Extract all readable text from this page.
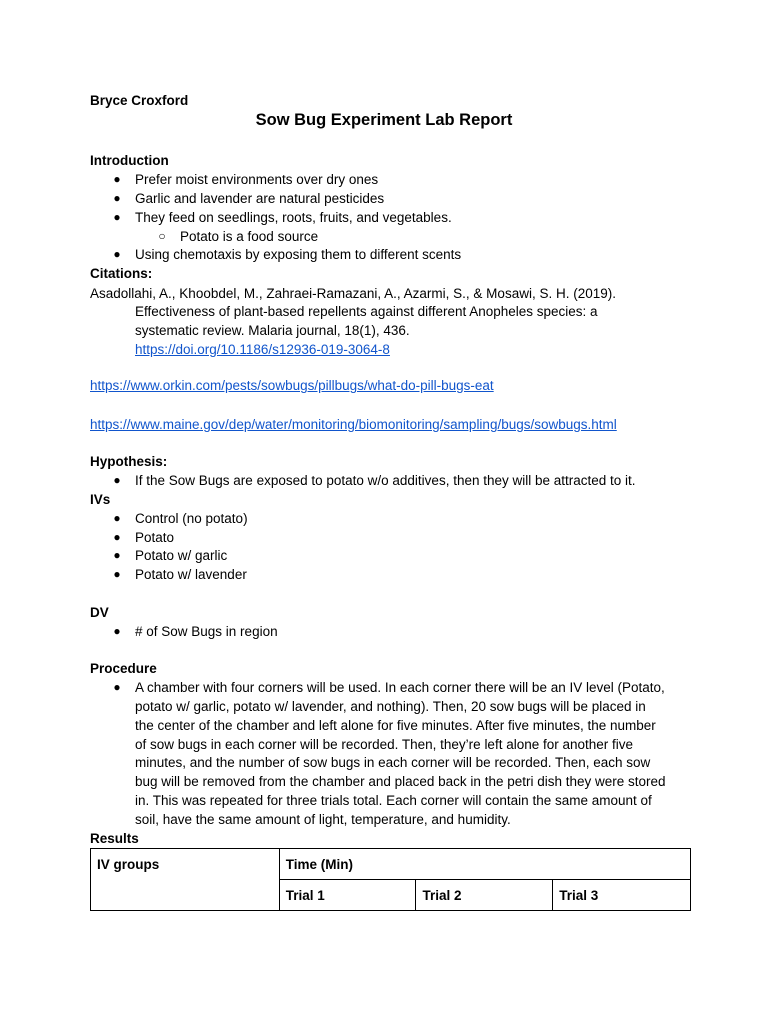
Bryce Croxford
Sow Bug Experiment Lab Report
Introduction
● Prefer moist environments over dry ones
● Garlic and lavender are natural pesticides
● They feed on seedlings, roots, fruits, and vegetables.
○ Potato is a food source
● Using chemotaxis by exposing them to different scents
Citations:
Asadollahi, A., Khoobdel, M., Zahraei-Ramazani, A., Azarmi, S., & Mosawi, S. H. (2019).
Effectiveness of plant-based repellents against different Anopheles species: a
systematic review. Malaria journal, 18(1), 436.
https://doi.org/10.1186/s12936-019-3064-8
https://www.orkin.com/pests/sowbugs/pillbugs/what-do-pill-bugs-eat
https://www.maine.gov/dep/water/monitoring/biomonitoring/sampling/bugs/sowbugs.html
Hypothesis:
● If the Sow Bugs are exposed to potato w/o additives, then they will be attracted to it.
IVs
● Control (no potato)
● Potato
● Potato w/ garlic
● Potato w/ lavender
DV
● # of Sow Bugs in region
Procedure
● A chamber with four corners will be used. In each corner there will be an IV level (Potato,
potato w/ garlic, potato w/ lavender, and nothing). Then, 20 sow bugs will be placed in
the center of the chamber and left alone for five minutes. After five minutes, the number
of sow bugs in each corner will be recorded. Then, they’re left alone for another five
minutes, and the number of sow bugs in each corner will be recorded. Then, each sow
bug will be removed from the chamber and placed back in the petri dish they were stored
in. This was repeated for three trials total. Each corner will contain the same amount of
soil, have the same amount of light, temperature, and humidity.
Results
IV groups	Time (Min)		
	Trial 1	Trial 2	Trial 3
